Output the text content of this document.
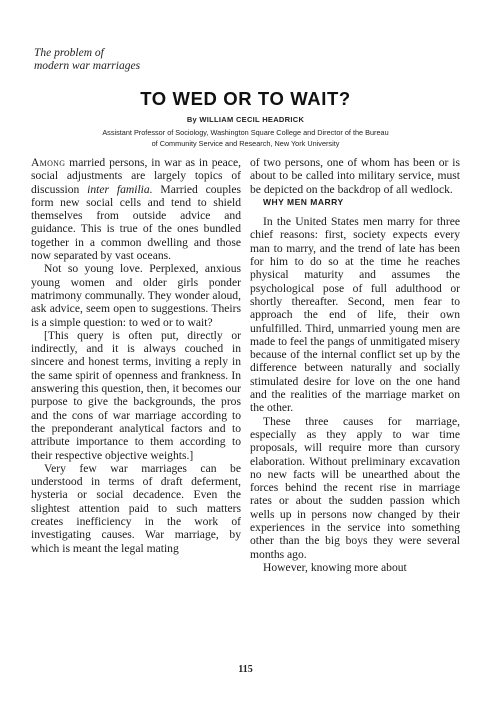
The problem of
modern war marriages
TO WED OR TO WAIT?
By WILLIAM CECIL HEADRICK
Assistant Professor of Sociology, Washington Square College and Director of the Bureau
of Community Service and Research, New York University

Among married persons, in war as in peace, social adjustments are largely topics of discussion inter familia. Married couples form new social cells and tend to shield themselves from outside advice and guidance. This is true of the ones bundled together in a common dwelling and those now separated by vast oceans.

Not so young love. Perplexed, anxious young women and older girls ponder matrimony communally. They wonder aloud, ask advice, seem open to suggestions. Theirs is a simple question: to wed or to wait?

[This query is often put, directly or indirectly, and it is always couched in sincere and honest terms, inviting a reply in the same spirit of openness and frankness. In answering this question, then, it becomes our purpose to give the backgrounds, the pros and the cons of war marriage according to the preponderant analytical factors and to attribute importance to them according to their respective objective weights.]

Very few war marriages can be understood in terms of draft deferment, hysteria or social decadence. Even the slightest attention paid to such matters creates inefficiency in the work of investigating causes. War marriage, by which is meant the legal mating

of two persons, one of whom has been or is about to be called into military service, must be depicted on the backdrop of all wedlock.

WHY MEN MARRY

In the United States men marry for three chief reasons: first, society expects every man to marry, and the trend of late has been for him to do so at the time he reaches physical maturity and assumes the psychological pose of full adulthood or shortly thereafter. Second, men fear to approach the end of life, their own unfulfilled. Third, unmarried young men are made to feel the pangs of unmitigated misery because of the internal conflict set up by the difference between naturally and socially stimulated desire for love on the one hand and the realities of the marriage market on the other.

These three causes for marriage, especially as they apply to war time proposals, will require more than cursory elaboration. Without preliminary excavation no new facts will be unearthed about the forces behind the recent rise in marriage rates or about the sudden passion which wells up in persons now changed by their experiences in the service into something other than the big boys they were several months ago.

However, knowing more about

115
